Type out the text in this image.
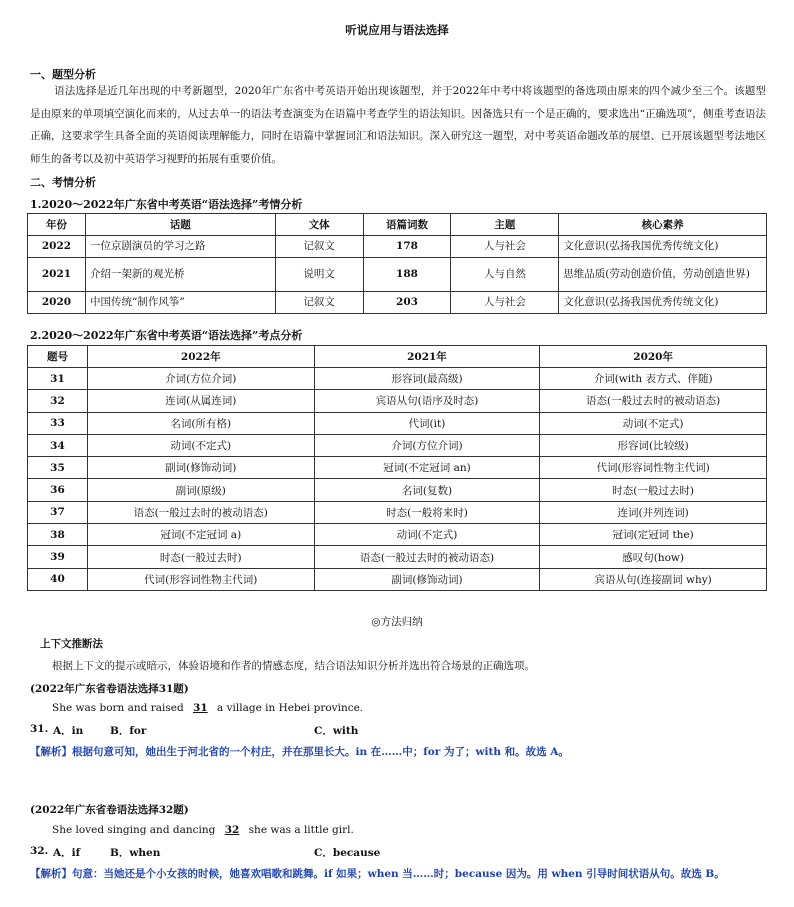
听说应用与语法选择
一、题型分析
语法选择是近几年出现的中考新题型，2020年广东省中考英语开始出现该题型，并于2022年中考中将该题型的备选项由原来的四个减少至三个。该题型是由原来的单项填空演化而来的，从过去单一的语法考查演变为在语篇中考查学生的语法知识。因备选只有一个是正确的，要求选出“正确选项”，侧重考查语法正确，这要求学生具备全面的英语阅读理解能力，同时在语篇中掌握词汇和语法知识。深入研究这一题型，对中考英语命题改革的展望、已开展该题型考法地区师生的备考以及初中英语学习视野的拓展有重要价值。
二、考情分析
1.2020～2022年广东省中考英语“语法选择”考情分析
年份	话题	文体	语篇词数	主题	核心素养
2022	一位京剧演员的学习之路	记叙文	178	人与社会	文化意识(弘扬我国优秀传统文化)
2021	介绍一架新的观光桥	说明文	188	人与自然	思维品质(劳动创造价值，劳动创造世界)
2020	中国传统“制作风筝”	记叙文	203	人与社会	文化意识(弘扬我国优秀传统文化)
2.2020～2022年广东省中考英语“语法选择”考点分析
题号	2022年	2021年	2020年
31	介词(方位介词)	形容词(最高级)	介词(with 表方式、伴随)
32	连词(从属连词)	宾语从句(语序及时态)	语态(一般过去时的被动语态)
33	名词(所有格)	代词(it)	动词(不定式)
34	动词(不定式)	介词(方位介词)	形容词(比较级)
35	副词(修饰动词)	冠词(不定冠词 an)	代词(形容词性物主代词)
36	副词(原级)	名词(复数)	时态(一般过去时)
37	语态(一般过去时的被动语态)	时态(一般将来时)	连词(并列连词)
38	冠词(不定冠词 a)	动词(不定式)	冠词(定冠词 the)
39	时态(一般过去时)	语态(一般过去时的被动语态)	感叹句(how)
40	代词(形容词性物主代词)	副词(修饰动词)	宾语从句(连接副词 why)
◎方法归纳
上下文推断法
根据上下文的提示或暗示，体验语境和作者的情感态度，结合语法知识分析并选出符合场景的正确选项。
(2022年广东省卷语法选择31题)
She was born and raised 31 a village in Hebei province.
31. A．in	B．for	C．with
【解析】根据句意可知，她出生于河北省的一个村庄，并在那里长大。in 在……中；for 为了；with 和。故选 A。
(2022年广东省卷语法选择32题)
She loved singing and dancing 32 she was a little girl.
32. A．if	B．when	C．because
【解析】句意：当她还是个小女孩的时候，她喜欢唱歌和跳舞。if 如果；when 当……时；because 因为。用 when 引导时间状语从句。故选 B。
